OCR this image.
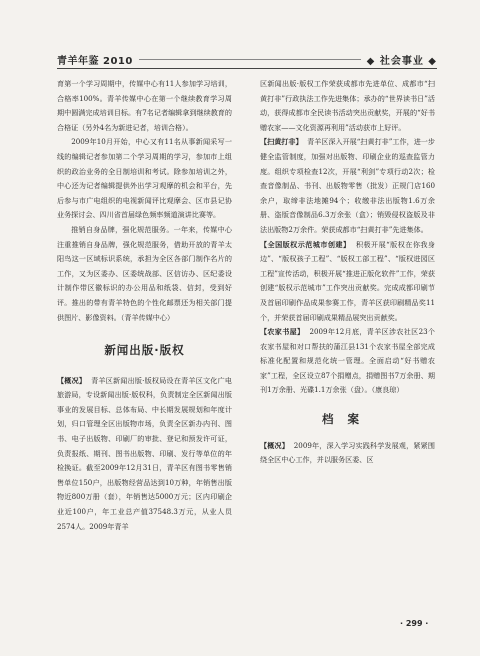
青羊年鉴 2010	◆ 社会事业 ◆

育第一个学习周期中，传媒中心有11人参加学习培训，合格率100%。青羊传媒中心在第一个继续教育学习周期中圆满完成培训目标。有7名记者编辑拿到继续教育的合格证（另外4名为新进记者，培训合格）。

2009年10月开始，中心又有11名从事新闻采写一线的编辑记者参加第二个学习周期的学习，参加市上组织的政治业务的全日制培训和考试。除参加培训之外，中心还为记者编辑提供外出学习观摩的机会和平台，先后参与市广电组织的电视新闻评比观摩会、区市县记协业务探讨会、四川省首届绿色频率频道演讲比赛等。

推销自身品牌，强化规范服务。一年来，传媒中心注重推销自身品牌，强化规范服务，借助开放的青羊太阳鸟这一区域标识系统，承担为全区各部门制作名片的工作，又为区委办、区委统战部、区信访办、区纪委设计制作带区徽标识的办公用品和纸袋、信封，受到好评。推出的带有青羊特色的个性化邮票还为相关部门提供图片、影像资料。（青羊传媒中心）

新闻出版·版权

【概况】 青羊区新闻出版·版权局设在青羊区文化广电旅游局，专设新闻出版·版权科，负责制定全区新闻出版事业的发展目标、总体布局、中长期发展规划和年度计划，归口管理全区出版物市场，负责全区新办内刊、图书、电子出版物、印刷厂的审批、登记和预发许可证，负责报纸、期刊、图书出版物、印刷、发行等单位的年检换证。截至2009年12月31日，青羊区有图书零售销售单位150户，出版物经营品达到10万种，年销售出版物近800万册（套），年销售达5000万元；区内印刷企业近100户，年工业总产值37548.3万元，从业人员2574人。2009年青羊

区新闻出版·版权工作荣获成都市先进单位、成都市“扫黄打非”行政执法工作先进集体；承办的“世界读书日”活动，获得成都市全民读书活动突出贡献奖，开展的“好书赠农家——文化资源再利用”活动获市上好评。

【扫黄打非】 青羊区深入开展“扫黄打非”工作，进一步健全监管制度，加强对出版物、印刷企业的巡查监管力度。组织专项检查12次，开展“利剑”专项行动2次；检查音像制品、书刊、出版物零售（批发）正规门店160余户，取缔非法地摊94个；收缴非法出版物1.6万余册、盗版音像制品6.3万余张（盒）；销毁侵权盗版及非法出版物2万余件。荣获成都市“扫黄打非”先进集体。

【全国版权示范城市创建】 积极开展“版权在你我身边”、“版权孩子工程”、“版权工部工程”、“版权进园区工程”宣传活动，积极开展“推进正版化软件”工作，荣获创建“版权示范城市”工作突出贡献奖。完成成都印刷节及首届印刷作品成果参赛工作，青羊区获印刷精品奖11个，并荣获首届印刷成果精品展突出贡献奖。

【农家书屋】 2009年12月底，青羊区涉农社区23个农家书屋和对口帮扶的蒲江县131个农家书屋全部完成标准化配置和规范化统一管理。全面启动“好书赠农家”工程，全区设立87个捐赠点，捐赠图书7万余册、期刊1万余册、光碟1.1万余张（盘）。（康良琼）

档案

【概况】 2009年，深入学习实践科学发展观，紧紧围绕全区中心工作，并以服务区委、区

· 299 ·
